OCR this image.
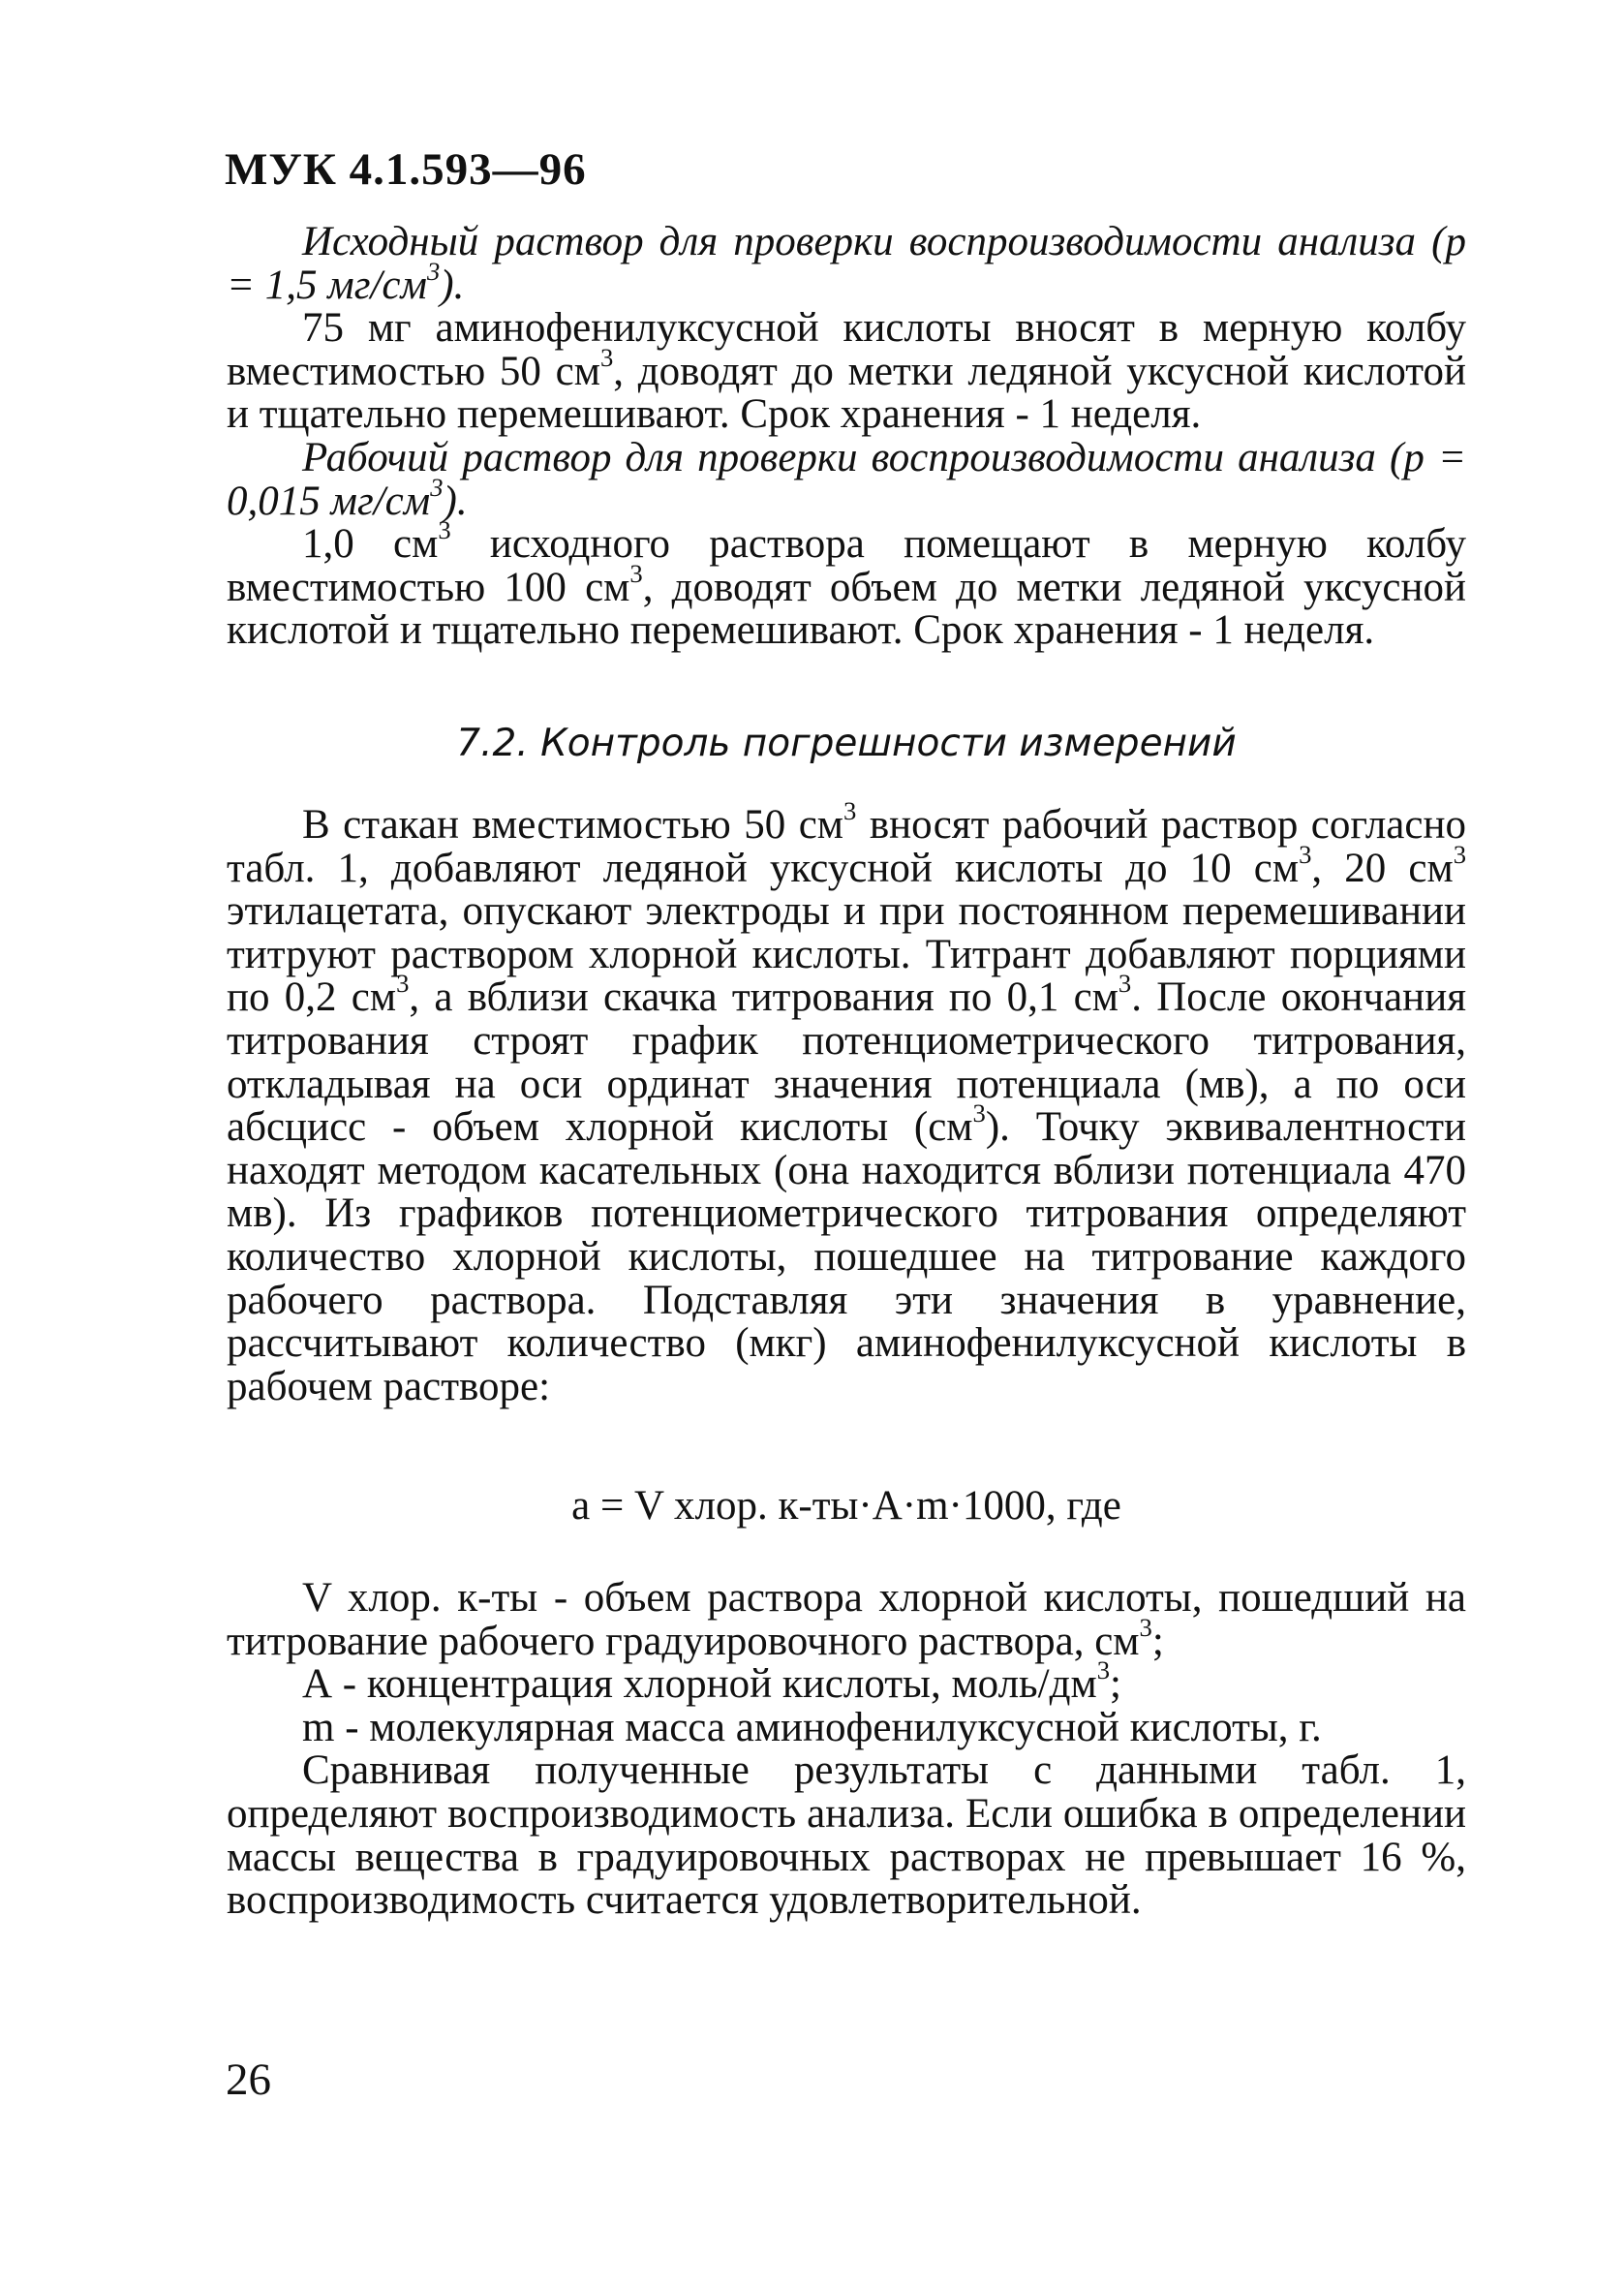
МУК 4.1.593—96

Исходный раствор для проверки воспроизводимости анализа (р = 1,5 $мг/см^3$).

75 мг аминофенилуксусной кислоты вносят в мерную колбу вместимостью 50 $см^3$, доводят до метки ледяной уксусной кислотой и тщательно перемешивают. Срок хранения - 1 неделя.

Рабочий раствор для проверки воспроизводимости анализа (р = 0,015 $мг/см^3$).

1,0 $см^3$ исходного раствора помещают в мерную колбу вместимостью 100 $см^3$, доводят объем до метки ледяной уксусной кислотой и тщательно перемешивают. Срок хранения - 1 неделя.

7.2. Контроль погрешности измерений

В стакан вместимостью 50 $см^3$ вносят рабочий раствор согласно табл. 1, добавляют ледяной уксусной кислоты до 10 $см^3$, 20 $см^3$ этилацетата, опускают электроды и при постоянном перемешивании титруют раствором хлорной кислоты. Титрант добавляют порциями по 0,2 $см^3$, а вблизи скачка титрования по 0,1 $см^3$. После окончания титрования строят график потенциометрического титрования, откладывая на оси ординат значения потенциала (мв), а по оси абсцисс - объем хлорной кислоты $(см^3)$. Точку эквивалентности находят методом касательных (она находится вблизи потенциала 470 мв). Из графиков потенциометрического титрования определяют количество хлорной кислоты, пошедшее на титрование каждого рабочего раствора. Подставляя эти значения в уравнение, рассчитывают количество (мкг) аминофенилуксусной кислоты в рабочем растворе:

а = V хлор. к-ты·А·m·1000, где

V хлор. к-ты - объем раствора хлорной кислоты, пошедший на титрование рабочего градуировочного раствора, $см^3$;

А - концентрация хлорной кислоты, моль/$дм^3$;

m - молекулярная масса аминофенилуксусной кислоты, г.

Сравнивая полученные результаты с данными табл. 1, определяют воспроизводимость анализа. Если ошибка в определении массы вещества в градуировочных растворах не превышает 16 %, воспроизводимость считается удовлетворительной.

26
